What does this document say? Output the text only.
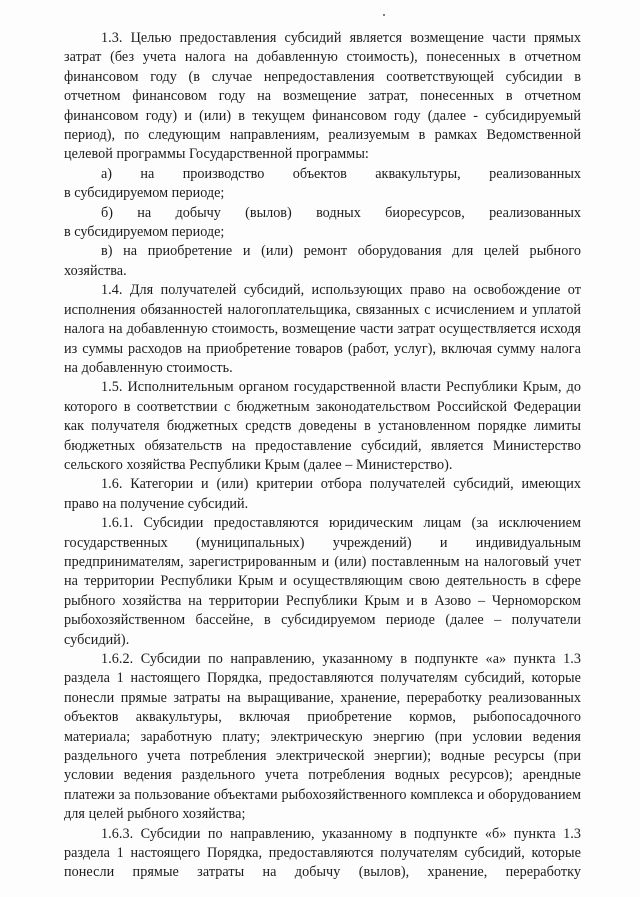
1.3. Целью предоставления субсидий является возмещение части прямых затрат (без учета налога на добавленную стоимость), понесенных в отчетном финансовом году (в случае непредоставления соответствующей субсидии в отчетном финансовом году на возмещение затрат, понесенных в отчетном финансовом году) и (или) в текущем финансовом году (далее - субсидируемый период), по следующим направлениям, реализуемым в рамках Ведомственной целевой программы Государственной программы:

а) на производство объектов аквакультуры, реализованных
в субсидируемом периоде;
б) на добычу (вылов) водных биоресурсов, реализованных
в субсидируемом периоде;

в) на приобретение и (или) ремонт оборудования для целей рыбного хозяйства.

1.4. Для получателей субсидий, использующих право на освобождение от исполнения обязанностей налогоплательщика, связанных с исчислением и уплатой налога на добавленную стоимость, возмещение части затрат осуществляется исходя из суммы расходов на приобретение товаров (работ, услуг), включая сумму налога на добавленную стоимость.

1.5. Исполнительным органом государственной власти Республики Крым, до которого в соответствии с бюджетным законодательством Российской Федерации как получателя бюджетных средств доведены в установленном порядке лимиты бюджетных обязательств на предоставление субсидий, является Министерство сельского хозяйства Республики Крым (далее – Министерство).

1.6. Категории и (или) критерии отбора получателей субсидий, имеющих право на получение субсидий.

1.6.1. Субсидии предоставляются юридическим лицам (за исключением государственных (муниципальных) учреждений) и индивидуальным предпринимателям, зарегистрированным и (или) поставленным на налоговый учет на территории Республики Крым и осуществляющим свою деятельность в сфере рыбного хозяйства на территории Республики Крым и в Азово – Черноморском рыбохозяйственном бассейне, в субсидируемом периоде (далее – получатели субсидий).

1.6.2. Субсидии по направлению, указанному в подпункте «а» пункта 1.3 раздела 1 настоящего Порядка, предоставляются получателям субсидий, которые понесли прямые затраты на выращивание, хранение, переработку реализованных объектов аквакультуры, включая приобретение кормов, рыбопосадочного материала; заработную плату; электрическую энергию (при условии ведения раздельного учета потребления электрической энергии); водные ресурсы (при условии ведения раздельного учета потребления водных ресурсов); арендные платежи за пользование объектами рыбохозяйственного комплекса и оборудованием для целей рыбного хозяйства;

1.6.3. Субсидии по направлению, указанному в подпункте «б» пункта 1.3 раздела 1 настоящего Порядка, предоставляются получателям субсидий, которые понесли прямые затраты на добычу (вылов), хранение, переработку
